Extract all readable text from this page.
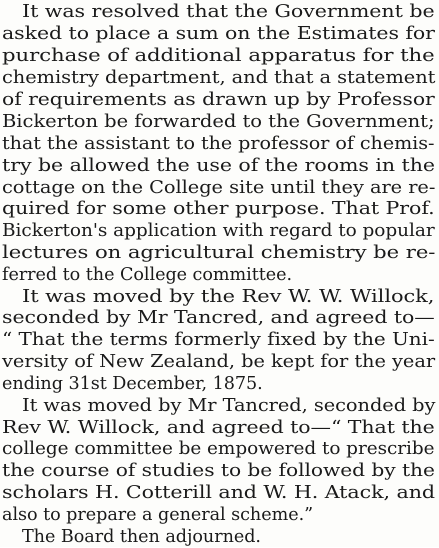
It was resolved that the Government be
asked to place a sum on the Estimates for
purchase of additional apparatus for the
chemistry department, and that a statement
of requirements as drawn up by Professor
Bickerton be forwarded to the Government;
that the assistant to the professor of chemis-
try be allowed the use of the rooms in the
cottage on the College site until they are re-
quired for some other purpose. That Prof.
Bickerton's application with regard to popular
lectures on agricultural chemistry be re-
ferred to the College committee.
It was moved by the Rev W. W. Willock,
seconded by Mr Tancred, and agreed to—
“ That the terms formerly fixed by the Uni-
versity of New Zealand, be kept for the year
ending 31st December, 1875.
It was moved by Mr Tancred, seconded by
Rev W. Willock, and agreed to—“ That the
college committee be empowered to prescribe
the course of studies to be followed by the
scholars H. Cotterill and W. H. Atack, and
also to prepare a general scheme.”
The Board then adjourned.
